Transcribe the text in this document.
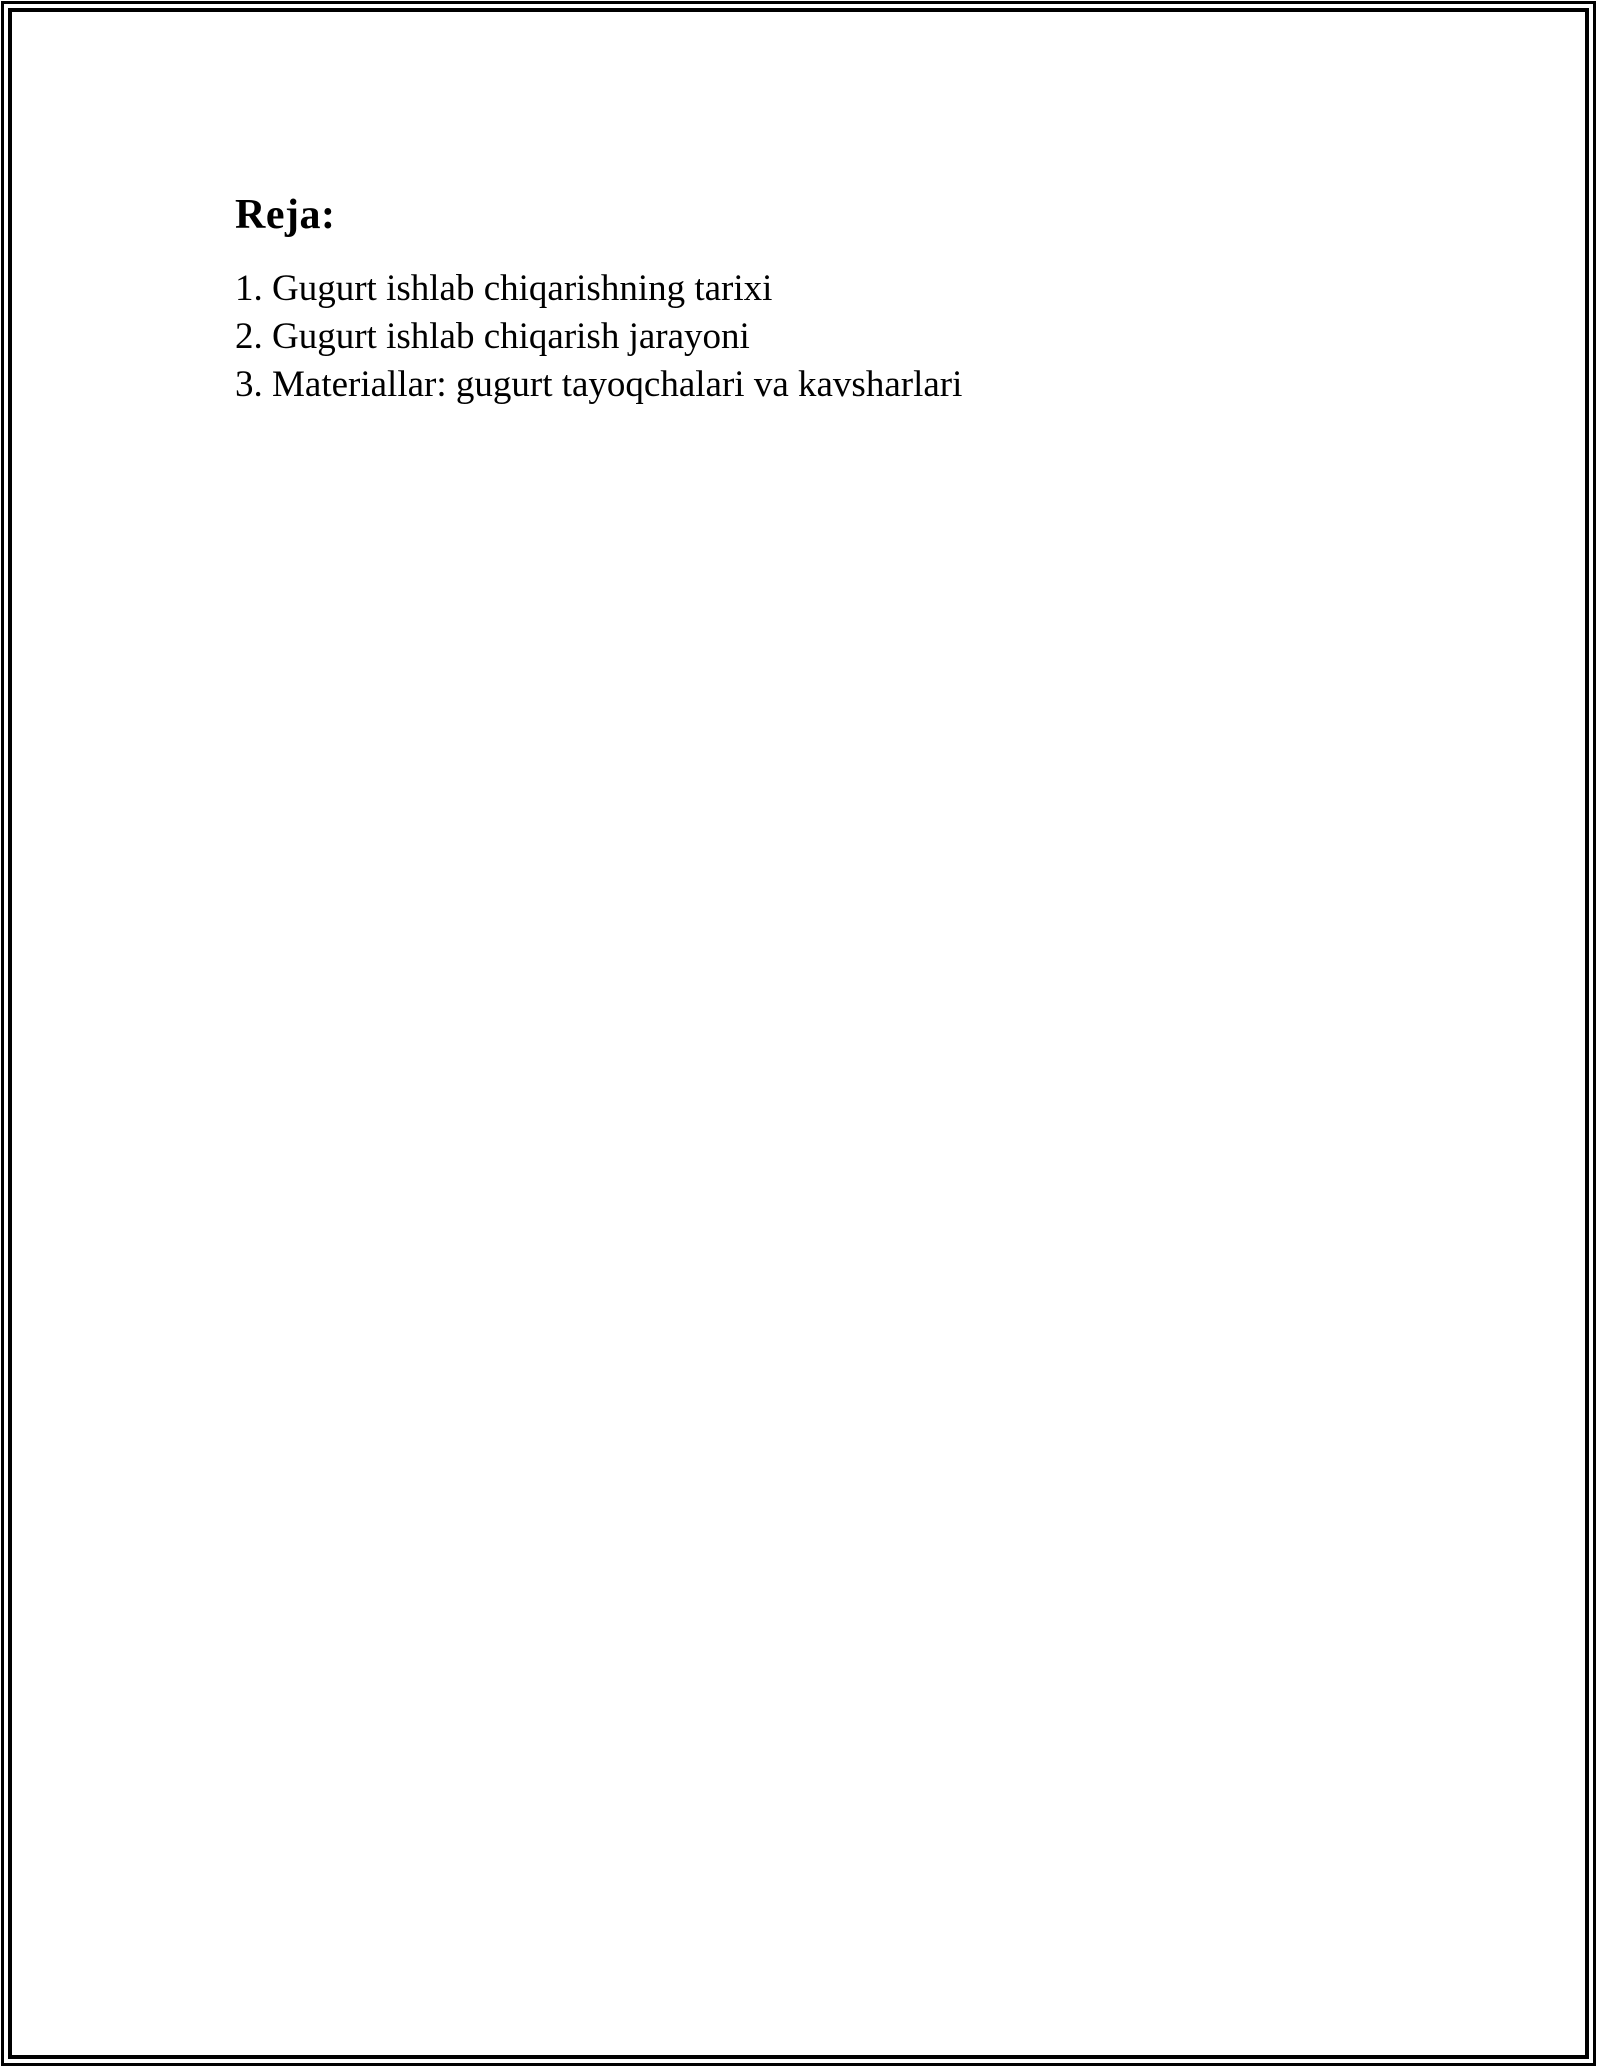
Reja:
1. Gugurt ishlab chiqarishning tarixi
2. Gugurt ishlab chiqarish jarayoni
3. Materiallar: gugurt tayoqchalari va kavsharlari
